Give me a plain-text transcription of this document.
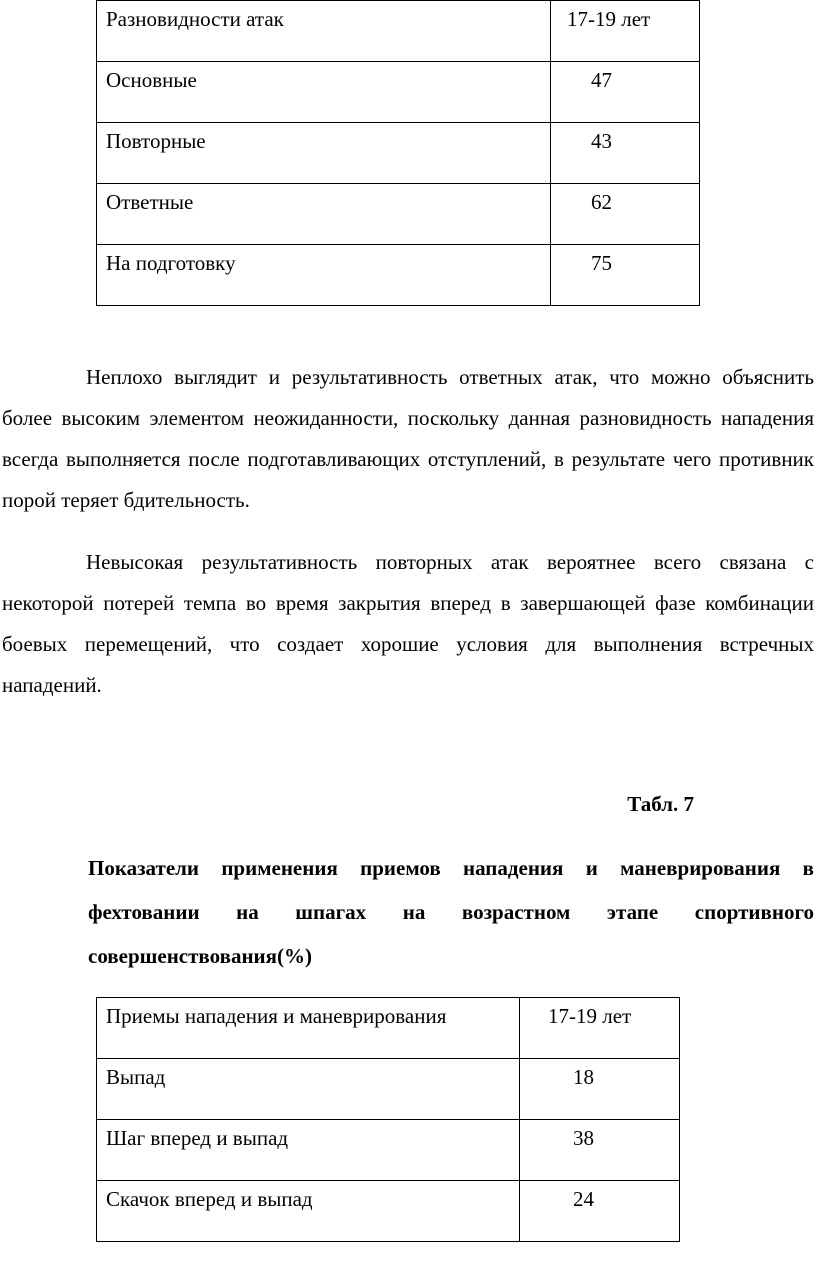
Разновидности атак	17-19 лет
Основные	47
Повторные	43
Ответные	62
На подготовку	75

Неплохо выглядит и результативность ответных атак, что можно объяснить более высоким элементом неожиданности, поскольку данная разновидность нападения всегда выполняется после подготавливающих отступлений, в результате чего противник порой теряет бдительность.

Невысокая результативность повторных атак вероятнее всего связана с некоторой потерей темпа во время закрытия вперед в завершающей фазе комбинации боевых перемещений, что создает хорошие условия для выполнения встречных нападений.

Табл. 7

Показатели применения приемов нападения и маневрирования в фехтовании на шпагах на возрастном этапе спортивного совершенствования(%)

Приемы нападения и маневрирования	17-19 лет
Выпад	18
Шаг вперед и выпад	38
Скачок вперед и выпад	24
